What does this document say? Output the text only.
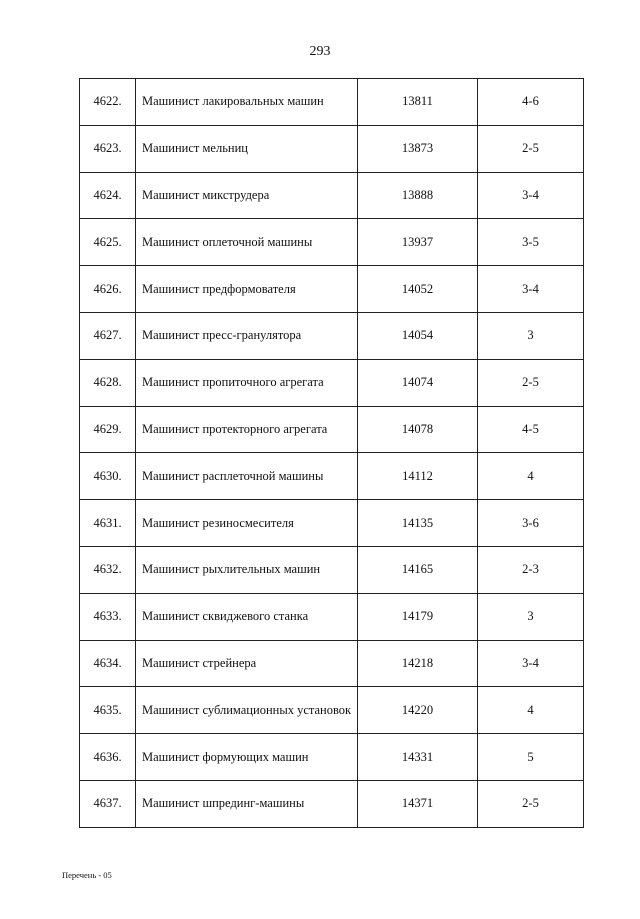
293
4622.	Машинист лакировальных машин	13811	4-6
4623.	Машинист мельниц	13873	2-5
4624.	Машинист микструдера	13888	3-4
4625.	Машинист оплеточной машины	13937	3-5
4626.	Машинист предформователя	14052	3-4
4627.	Машинист пресс-гранулятора	14054	3
4628.	Машинист пропиточного агрегата	14074	2-5
4629.	Машинист протекторного агрегата	14078	4-5
4630.	Машинист расплеточной машины	14112	4
4631.	Машинист резиносмесителя	14135	3-6
4632.	Машинист рыхлительных машин	14165	2-3
4633.	Машинист сквиджевого станка	14179	3
4634.	Машинист стрейнера	14218	3-4
4635.	Машинист сублимационных установок	14220	4
4636.	Машинист формующих машин	14331	5
4637.	Машинист шпрединг-машины	14371	2-5
Перечень - 05
